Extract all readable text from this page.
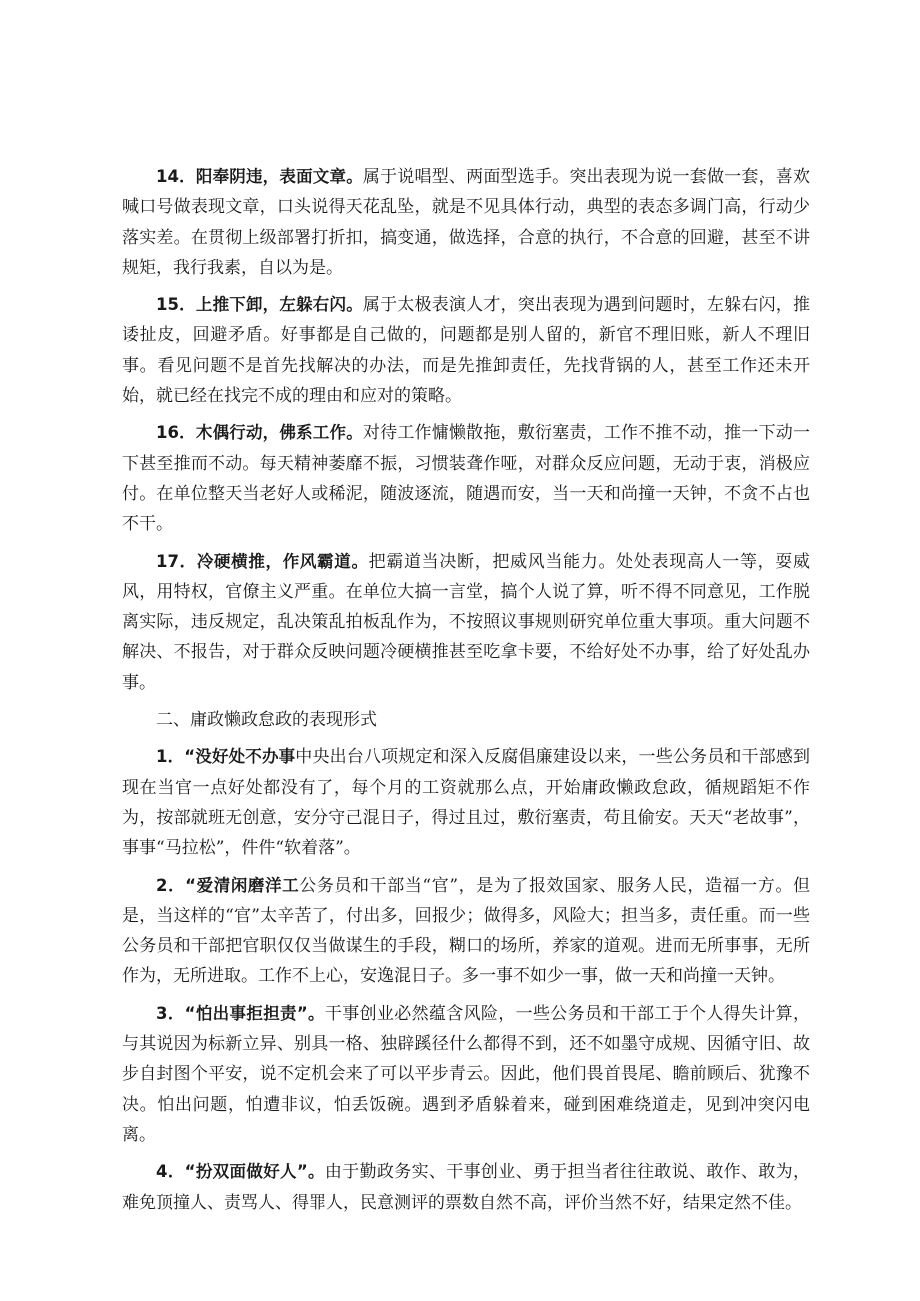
14．阳奉阴违，表面文章。属于说唱型、两面型选手。突出表现为说一套做一套，喜欢喊口号做表现文章，口头说得天花乱坠，就是不见具体行动，典型的表态多调门高，行动少落实差。在贯彻上级部署打折扣，搞变通，做选择，合意的执行，不合意的回避，甚至不讲规矩，我行我素，自以为是。

15．上推下卸，左躲右闪。属于太极表演人才，突出表现为遇到问题时，左躲右闪，推诿扯皮，回避矛盾。好事都是自己做的，问题都是别人留的，新官不理旧账，新人不理旧事。看见问题不是首先找解决的办法，而是先推卸责任，先找背锅的人，甚至工作还未开始，就已经在找完不成的理由和应对的策略。

16．木偶行动，佛系工作。对待工作慵懒散拖，敷衍塞责，工作不推不动，推一下动一下甚至推而不动。每天精神萎靡不振，习惯装聋作哑，对群众反应问题，无动于衷，消极应付。在单位整天当老好人或稀泥，随波逐流，随遇而安，当一天和尚撞一天钟，不贪不占也不干。

17．冷硬横推，作风霸道。把霸道当决断，把威风当能力。处处表现高人一等，耍威风，用特权，官僚主义严重。在单位大搞一言堂，搞个人说了算，听不得不同意见，工作脱离实际，违反规定，乱决策乱拍板乱作为，不按照议事规则研究单位重大事项。重大问题不解决、不报告，对于群众反映问题冷硬横推甚至吃拿卡要，不给好处不办事，给了好处乱办事。

二、庸政懒政怠政的表现形式

1．“没好处不办事中央出台八项规定和深入反腐倡廉建设以来，一些公务员和干部感到现在当官一点好处都没有了，每个月的工资就那么点，开始庸政懒政怠政，循规蹈矩不作为，按部就班无创意，安分守己混日子，得过且过，敷衍塞责，苟且偷安。天天“老故事”，事事“马拉松”，件件“软着落”。

2．“爱清闲磨洋工公务员和干部当“官”，是为了报效国家、服务人民，造福一方。但是，当这样的“官”太辛苦了，付出多，回报少；做得多，风险大；担当多，责任重。而一些公务员和干部把官职仅仅当做谋生的手段，糊口的场所，养家的道观。进而无所事事，无所作为，无所进取。工作不上心，安逸混日子。多一事不如少一事，做一天和尚撞一天钟。

3．“怕出事拒担责”。干事创业必然蕴含风险，一些公务员和干部工于个人得失计算，与其说因为标新立异、别具一格、独辟蹊径什么都得不到，还不如墨守成规、因循守旧、故步自封图个平安，说不定机会来了可以平步青云。因此，他们畏首畏尾、瞻前顾后、犹豫不决。怕出问题，怕遭非议，怕丢饭碗。遇到矛盾躲着来，碰到困难绕道走，见到冲突闪电离。

4．“扮双面做好人”。由于勤政务实、干事创业、勇于担当者往往敢说、敢作、敢为，难免顶撞人、责骂人、得罪人，民意测评的票数自然不高，评价当然不好，结果定然不佳。
